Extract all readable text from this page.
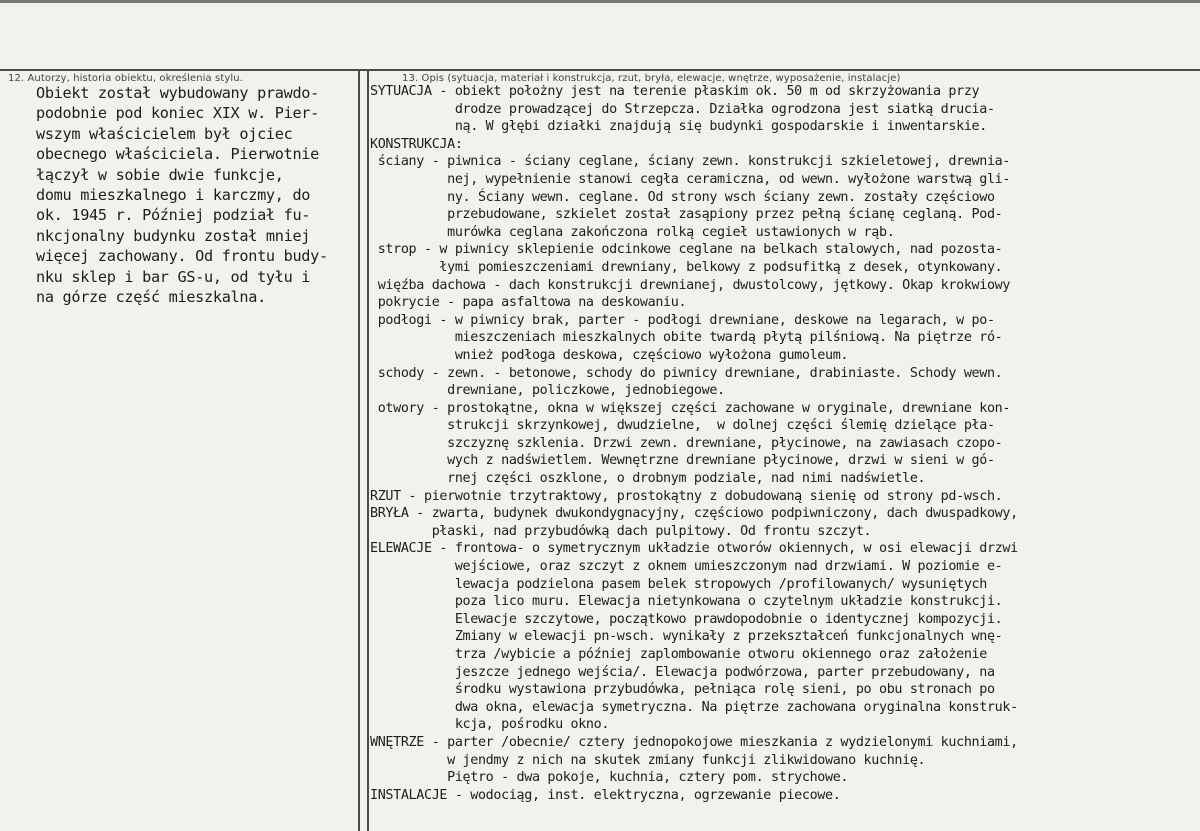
12. Autorzy, historia obiektu, określenia stylu.	13. Opis (sytuacja, materiał i konstrukcja, rzut, bryła, elewacje, wnętrze, wyposażenie, instalacje)
Obiekt został wybudowany prawdo-
podobnie pod koniec XIX w. Pier-
wszym właścicielem był ojciec
obecnego właściciela. Pierwotnie
łączył w sobie dwie funkcje,
domu mieszkalnego i karczmy, do
ok. 1945 r. Później podział fu-
nkcjonalny budynku został mniej
więcej zachowany. Od frontu budy-
nku sklep i bar GS-u, od tyłu i
na górze część mieszkalna.
SYTUACJA - obiekt położny jest na terenie płaskim ok. 50 m od skrzyżowania przy
drodze prowadzącej do Strzepcza. Działka ogrodzona jest siatką drucia-
ną. W głębi działki znajdują się budynki gospodarskie i inwentarskie.
KONSTRUKCJA:
ściany - piwnica - ściany ceglane, ściany zewn. konstrukcji szkieletowej, drewnia-
nej, wypełnienie stanowi cegła ceramiczna, od wewn. wyłożone warstwą gli-
ny. Ściany wewn. ceglane. Od strony wsch ściany zewn. zostały częściowo
przebudowane, szkielet został zasąpiony przez pełną ścianę ceglaną. Pod-
murówka ceglana zakończona rolką cegieł ustawionych w rąb.
strop - w piwnicy sklepienie odcinkowe ceglane na belkach stalowych, nad pozosta-
łymi pomieszczeniami drewniany, belkowy z podsufitką z desek, otynkowany.
więźba dachowa - dach konstrukcji drewnianej, dwustolcowy, jętkowy. Okap krokwiowy
pokrycie - papa asfaltowa na deskowaniu.
podłogi - w piwnicy brak, parter - podłogi drewniane, deskowe na legarach, w po-
mieszczeniach mieszkalnych obite twardą płytą pilśniową. Na piętrze ró-
wnież podłoga deskowa, częściowo wyłożona gumoleum.
schody - zewn. - betonowe, schody do piwnicy drewniane, drabiniaste. Schody wewn.
drewniane, policzkowe, jednobiegowe.
otwory - prostokątne, okna w większej części zachowane w oryginale, drewniane kon-
strukcji skrzynkowej, dwudzielne,  w dolnej części ślemię dzielące pła-
szczyznę szklenia. Drzwi zewn. drewniane, płycinowe, na zawiasach czopo-
wych z nadświetlem. Wewnętrzne drewniane płycinowe, drzwi w sieni w gó-
rnej części oszklone, o drobnym podziale, nad nimi nadświetle.
RZUT - pierwotnie trzytraktowy, prostokątny z dobudowaną sienię od strony pd-wsch.
BRYŁA - zwarta, budynek dwukondygnacyjny, częściowo podpiwniczony, dach dwuspadkowy,
płaski, nad przybudówką dach pulpitowy. Od frontu szczyt.
ELEWACJE - frontowa- o symetrycznym układzie otworów okiennych, w osi elewacji drzwi
wejściowe, oraz szczyt z oknem umieszczonym nad drzwiami. W poziomie e-
lewacja podzielona pasem belek stropowych /profilowanych/ wysuniętych
poza lico muru. Elewacja nietynkowana o czytelnym układzie konstrukcji.
Elewacje szczytowe, początkowo prawdopodobnie o identycznej kompozycji.
Zmiany w elewacji pn-wsch. wynikały z przekształceń funkcjonalnych wnę-
trza /wybicie a później zaplombowanie otworu okiennego oraz założenie
jeszcze jednego wejścia/. Elewacja podwórzowa, parter przebudowany, na
środku wystawiona przybudówka, pełniąca rolę sieni, po obu stronach po
dwa okna, elewacja symetryczna. Na piętrze zachowana oryginalna konstruk-
kcja, pośrodku okno.
WNĘTRZE - parter /obecnie/ cztery jednopokojowe mieszkania z wydzielonymi kuchniami,
w jendmy z nich na skutek zmiany funkcji zlikwidowano kuchnię.
Piętro - dwa pokoje, kuchnia, cztery pom. strychowe.
INSTALACJE - wodociąg, inst. elektryczna, ogrzewanie piecowe.
